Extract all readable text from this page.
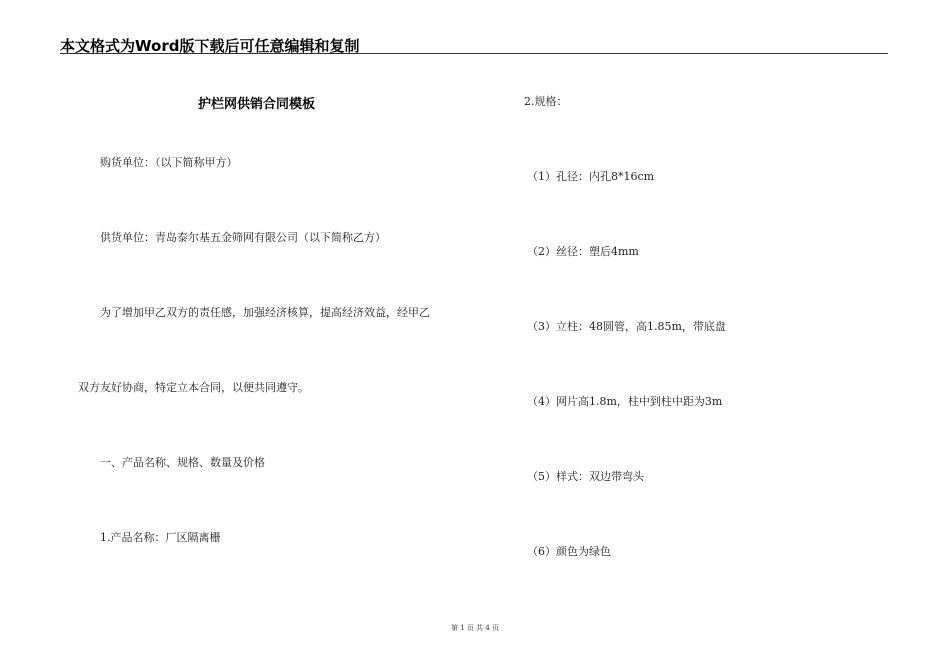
本文格式为Word版下载后可任意编辑和复制
护栏网供销合同模板
购货单位：（以下简称甲方）
供货单位：青岛泰尔基五金筛网有限公司（以下简称乙方）
为了增加甲乙双方的责任感，加强经济核算，提高经济效益，经甲乙
双方友好协商，特定立本合同，以便共同遵守。
一、产品名称、规格、数量及价格
1.产品名称：厂区隔离栅
2.规格：
（1）孔径：内孔8*16cm
（2）丝径：塑后4mm
（3）立柱：48圆管，高1.85m，带底盘
（4）网片高1.8m，柱中到柱中距为3m
（5）样式：双边带弯头
（6）颜色为绿色
第 1 页 共 4 页
